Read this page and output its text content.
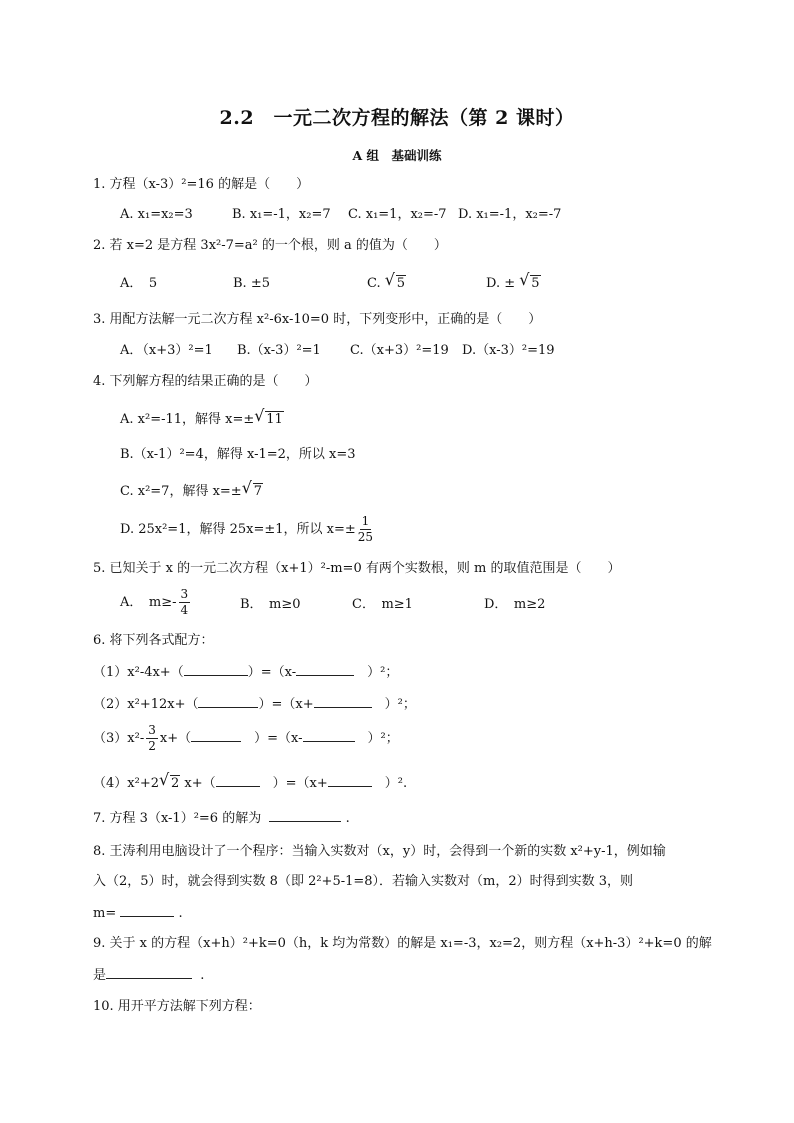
2.2　一元二次方程的解法（第 2 课时）
A 组　基础训练
1. 方程（x-3）²=16 的解是（　　）
A. x₁=x₂=3	B. x₁=-1，x₂=7 C. x₁=1，x₂=-7 D. x₁=-1，x₂=-7
2. 若 x=2 是方程 3x²-7=a² 的一个根，则 a 的值为（　　）
A．　5	B. ±5	C. √ 5	D. ± √ 5
3. 用配方法解一元二次方程 x²-6x-10=0 时，下列变形中，正确的是（　　）
A．（x+3）²=1 B.（x-3）²=1 C.（x+3）²=19 D.（x-3）²=19
4. 下列解方程的结果正确的是（　　）
A. x²=-11，解得 x=± √ 11
B.（x-1）²=4，解得 x-1=2，所以 x=3
C. x²=7，解得 x=± √ 7
D. 25x²=1，解得 25x=±1，所以 $x=\pm \frac{1}{25}$
5. 已知关于 x 的一元二次方程（x+1）²-m=0 有两个实数根，则 m 的取值范围是（　　）
A．　$m\ge- \frac{3}{4}$	B．　m≥0	C．　m≥1	D．　m≥2
6. 将下列各式配方：
（1）x²-4x+（	）=（x-　	）²；
（2）x²+12x+（	）=（x+　	）²；
$(3)x^2- \frac{3}{2} x+$（　	）=（x-　	）²；
（4）x²+2 √ 2 x+（　	）=（x+　	）².
7. 方程 3（x-1）²=6 的解为	.
8. 王涛利用电脑设计了一个程序：当输入实数对（x，y）时，会得到一个新的实数 x²+y-1，例如输
入（2，5）时，就会得到实数 8（即 2²+5-1=8）．若输入实数对（m，2）时得到实数 3，则
m=	.
9. 关于 x 的方程（x+h）²+k=0（h，k 均为常数）的解是 x₁=-3，x₂=2，则方程（x+h-3）²+k=0 的解
是	.
10. 用开平方法解下列方程：
